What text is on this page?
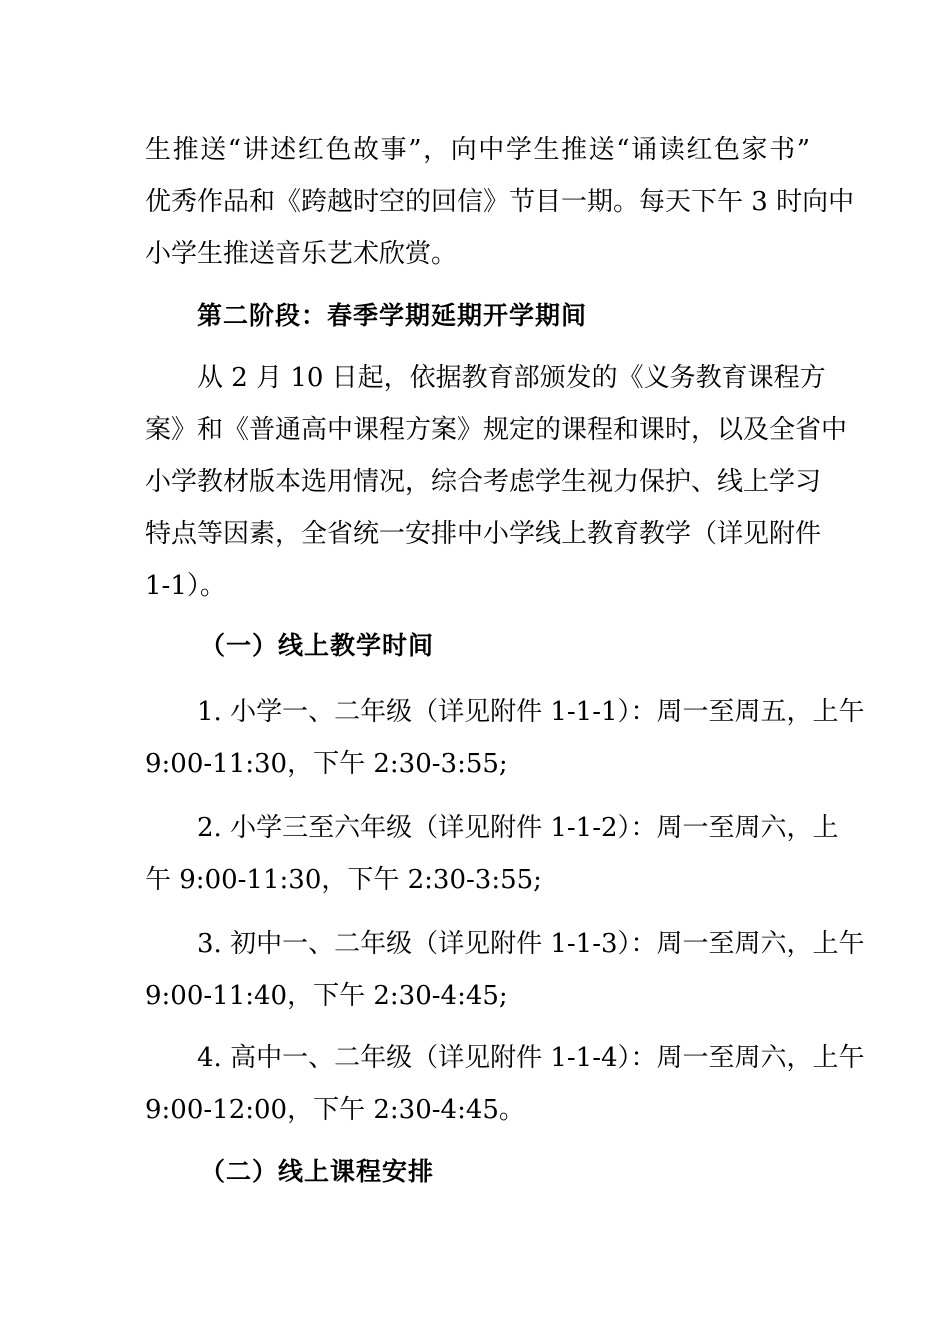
生推送“讲述红色故事”，向中学生推送“诵读红色家书”
优秀作品和《跨越时空的回信》节目一期。每天下午 3 时向中
小学生推送音乐艺术欣赏。
第二阶段：春季学期延期开学期间
从 2 月 10 日起，依据教育部颁发的《义务教育课程方
案》和《普通高中课程方案》规定的课程和课时，以及全省中
小学教材版本选用情况，综合考虑学生视力保护、线上学习
特点等因素，全省统一安排中小学线上教育教学（详见附件
1-1）。
（一）线上教学时间
1. 小学一、二年级（详见附件 1-1-1）：周一至周五，上午
9:00-11:30，下午 2:30-3:55;
2. 小学三至六年级（详见附件 1-1-2）：周一至周六，上
午 9:00-11:30，下午 2:30-3:55;
3. 初中一、二年级（详见附件 1-1-3）：周一至周六，上午
9:00-11:40，下午 2:30-4:45;
4. 高中一、二年级（详见附件 1-1-4）：周一至周六，上午
9:00-12:00，下午 2:30-4:45。
（二）线上课程安排
